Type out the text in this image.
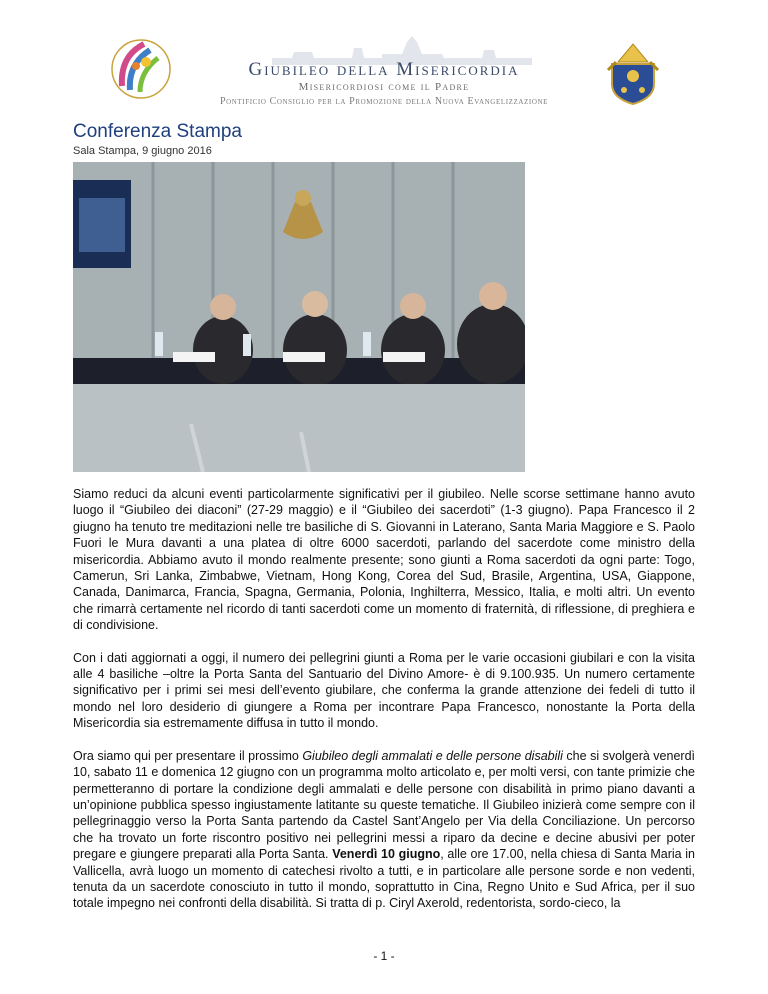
Giubileo della Misericordia
Misericordiosi come il Padre
Pontificio Consiglio per la Promozione della Nuova Evangelizzazione
Conferenza Stampa
Sala Stampa, 9 giugno 2016

Siamo reduci da alcuni eventi particolarmente significativi per il giubileo. Nelle scorse settimane hanno avuto luogo il “Giubileo dei diaconi” (27-29 maggio) e il “Giubileo dei sacerdoti” (1-3 giugno). Papa Francesco il 2 giugno ha tenuto tre meditazioni nelle tre basiliche di S. Giovanni in Laterano, Santa Maria Maggiore e S. Paolo Fuori le Mura davanti a una platea di oltre 6000 sacerdoti, parlando del sacerdote come ministro della misericordia. Abbiamo avuto il mondo realmente presente; sono giunti a Roma sacerdoti da ogni parte: Togo, Camerun, Sri Lanka, Zimbabwe, Vietnam, Hong Kong, Corea del Sud, Brasile, Argentina, USA, Giappone, Canada, Danimarca, Francia, Spagna, Germania, Polonia, Inghilterra, Messico, Italia, e molti altri. Un evento che rimarrà certamente nel ricordo di tanti sacerdoti come un momento di fraternità, di riflessione, di preghiera e di condivisione.

Con i dati aggiornati a oggi, il numero dei pellegrini giunti a Roma per le varie occasioni giubilari e con la visita alle 4 basiliche –oltre la Porta Santa del Santuario del Divino Amore- è di 9.100.935. Un numero certamente significativo per i primi sei mesi dell’evento giubilare, che conferma la grande attenzione dei fedeli di tutto il mondo nel loro desiderio di giungere a Roma per incontrare Papa Francesco, nonostante la Porta della Misericordia sia estremamente diffusa in tutto il mondo.

Ora siamo qui per presentare il prossimo Giubileo degli ammalati e delle persone disabili che si svolgerà venerdì 10, sabato 11 e domenica 12 giugno con un programma molto articolato e, per molti versi, con tante primizie che permetteranno di portare la condizione degli ammalati e delle persone con disabilità in primo piano davanti a un’opinione pubblica spesso ingiustamente latitante su queste tematiche. Il Giubileo inizierà come sempre con il pellegrinaggio verso la Porta Santa partendo da Castel Sant’Angelo per Via della Conciliazione. Un percorso che ha trovato un forte riscontro positivo nei pellegrini messi a riparo da decine e decine abusivi per poter pregare e giungere preparati alla Porta Santa. Venerdì 10 giugno, alle ore 17.00, nella chiesa di Santa Maria in Vallicella, avrà luogo un momento di catechesi rivolto a tutti, e in particolare alle persone sorde e non vedenti, tenuta da un sacerdote conosciuto in tutto il mondo, soprattutto in Cina, Regno Unito e Sud Africa, per il suo totale impegno nei confronti della disabilità. Si tratta di p. Ciryl Axerold, redentorista, sordo-cieco, la

- 1 -
